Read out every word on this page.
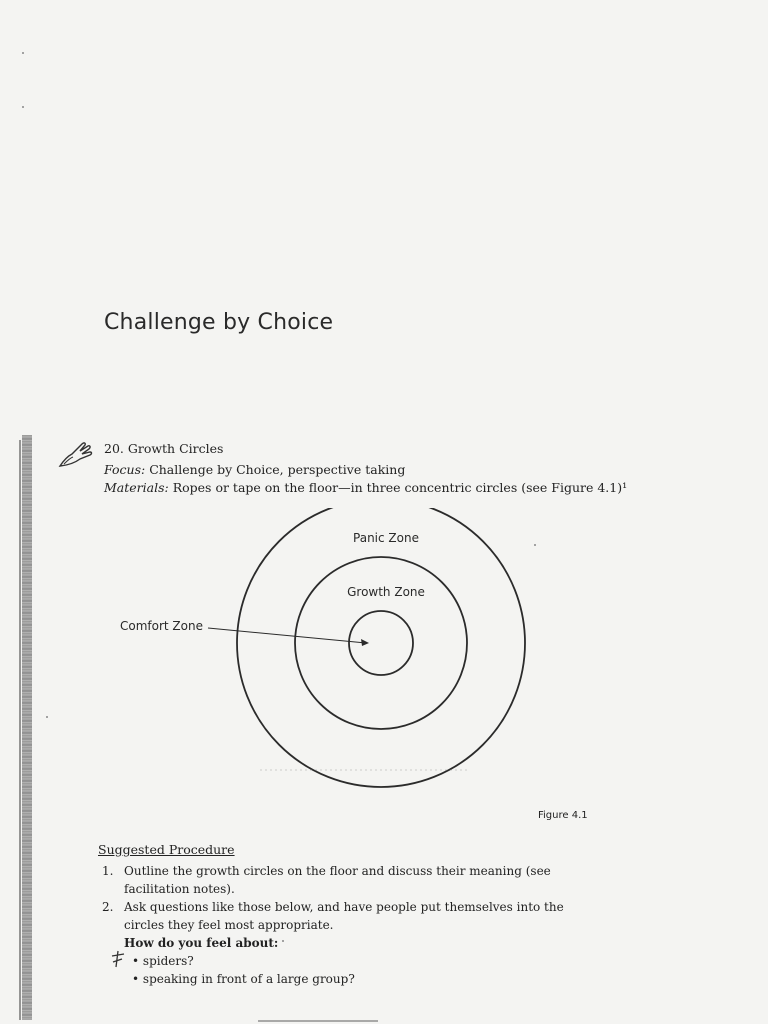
Challenge by Choice
20. Growth Circles
Focus: Challenge by Choice, perspective taking
Materials: Ropes or tape on the floor—in three concentric circles (see Figure 4.1)¹
Panic Zone
Growth Zone
Comfort Zone
Figure 4.1
Suggested Procedure
1. Outline the growth circles on the floor and discuss their meaning (see facilitation notes).
2. Ask questions like those below, and have people put themselves into the circles they feel most appropriate.
How do you feel about:
• spiders?
• speaking in front of a large group?
